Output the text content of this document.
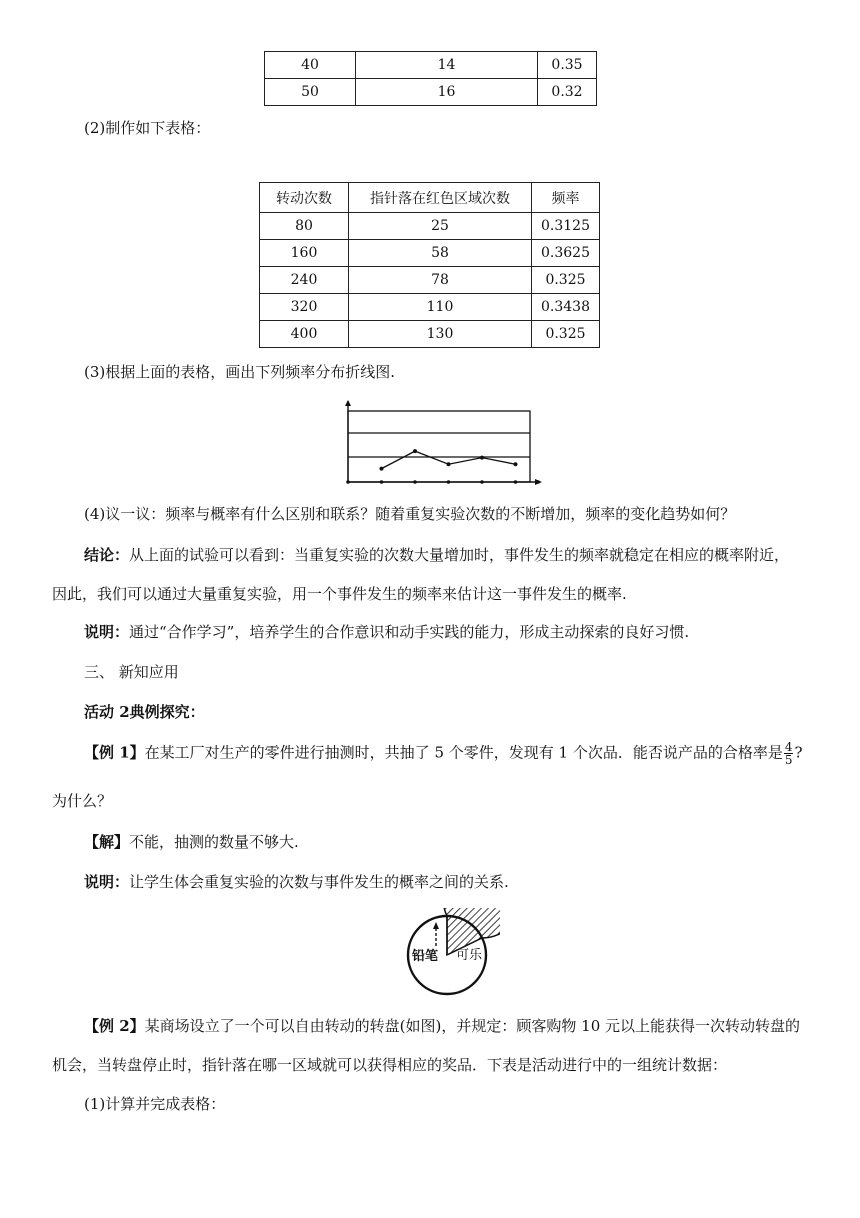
40	14	0.35
50	16	0.32
(2)制作如下表格：
转动次数	指针落在红色区域次数	频率
80	25	0.3125
160	58	0.3625
240	78	0.325
320	110	0.3438
400	130	0.325
(3)根据上面的表格，画出下列频率分布折线图.
(4)议一议：频率与概率有什么区别和联系？随着重复实验次数的不断增加，频率的变化趋势如何？
结论：从上面的试验可以看到：当重复实验的次数大量增加时，事件发生的频率就稳定在相应的概率附近，
因此，我们可以通过大量重复实验，用一个事件发生的频率来估计这一事件发生的概率.
说明：通过“合作学习”，培养学生的合作意识和动手实践的能力，形成主动探索的良好习惯.
三、 新知应用
活动 2典例探究：
【例 1】在某工厂对生产的零件进行抽测时，共抽了 5 个零件，发现有 1 个次品．能否说产品的合格率是 $\frac{4}{5}$ ?
为什么？
【解】不能，抽测的数量不够大.
说明：让学生体会重复实验的次数与事件发生的概率之间的关系.
铅笔 可乐
【例 2】某商场设立了一个可以自由转动的转盘(如图)，并规定：顾客购物 10 元以上能获得一次转动转盘的
机会，当转盘停止时，指针落在哪一区域就可以获得相应的奖品．下表是活动进行中的一组统计数据：
(1)计算并完成表格：
